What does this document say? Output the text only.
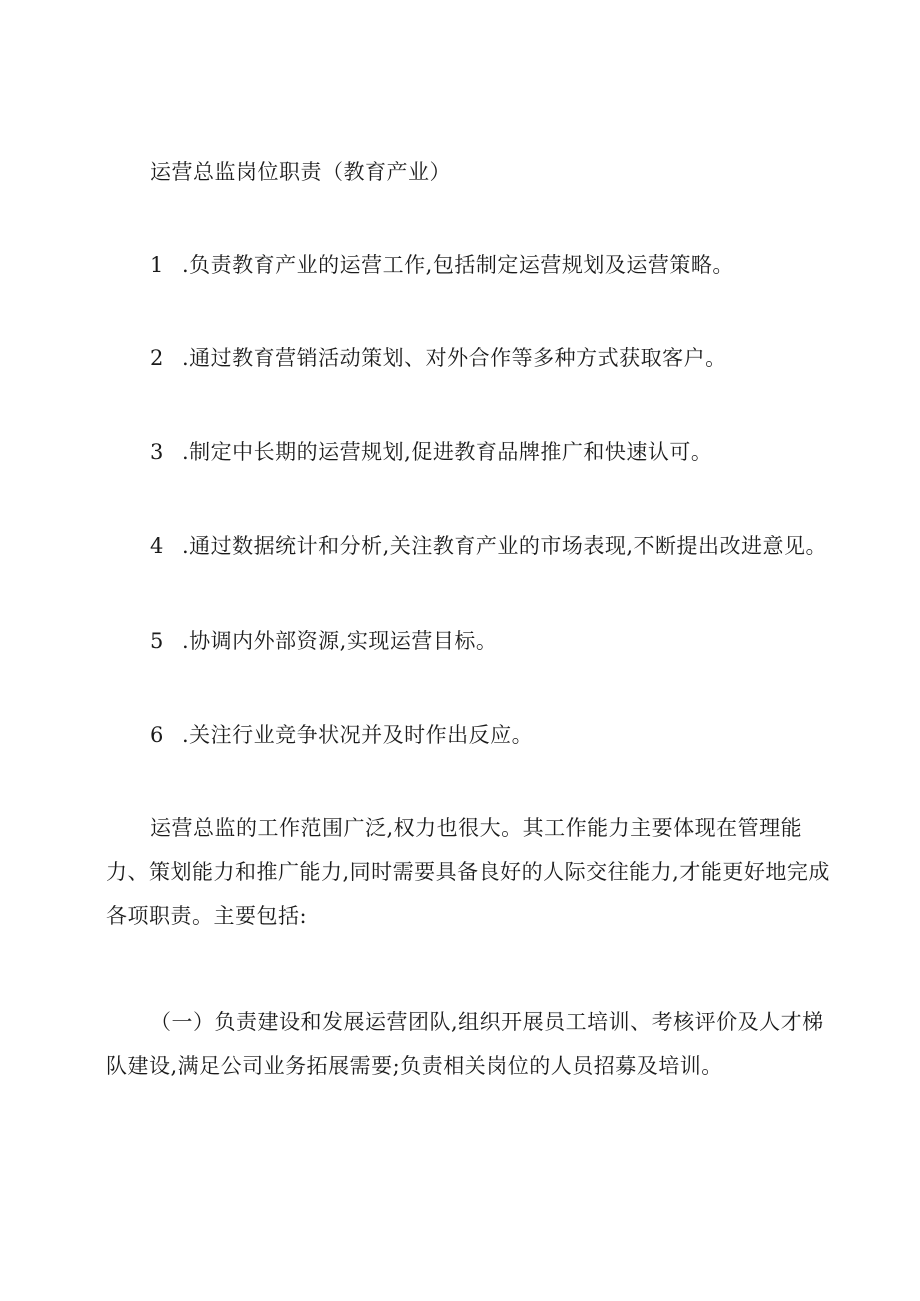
运营总监岗位职责（教育产业）
1 .负责教育产业的运营工作,包括制定运营规划及运营策略。
2 .通过教育营销活动策划、对外合作等多种方式获取客户。
3 .制定中长期的运营规划,促进教育品牌推广和快速认可。
4 .通过数据统计和分析,关注教育产业的市场表现,不断提出改进意见。
5 .协调内外部资源,实现运营目标。
6 .关注行业竞争状况并及时作出反应。
运营总监的工作范围广泛,权力也很大。其工作能力主要体现在管理能力、策划能力和推广能力,同时需要具备良好的人际交往能力,才能更好地完成各项职责。主要包括:
（一）负责建设和发展运营团队,组织开展员工培训、考核评价及人才梯队建设,满足公司业务拓展需要;负责相关岗位的人员招募及培训。
